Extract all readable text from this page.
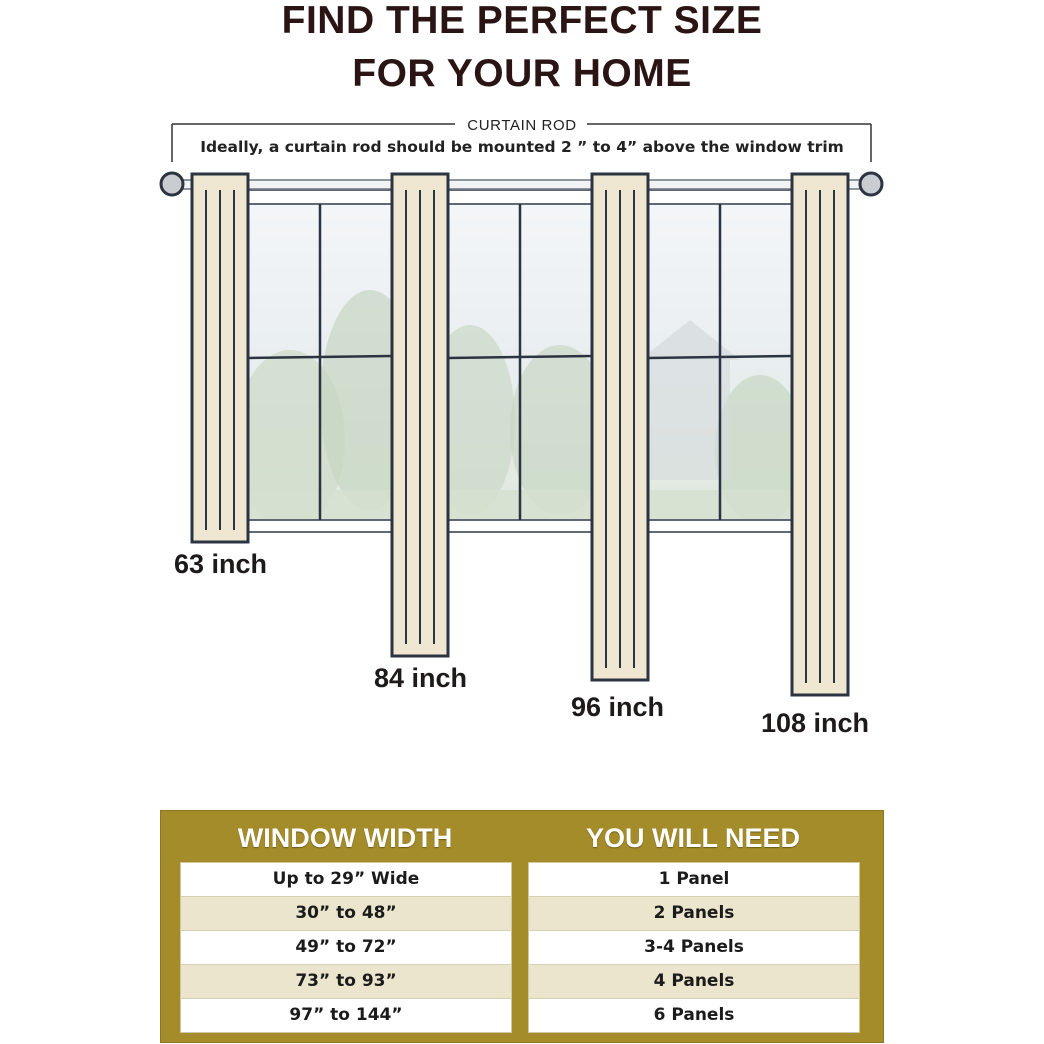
FIND THE PERFECT SIZE
FOR YOUR HOME
CURTAIN ROD
Ideally, a curtain rod should be mounted 2 ” to 4” above the window trim
63 inch
84 inch
96 inch
108 inch
WINDOW WIDTH	YOU WILL NEED
Up to 29” Wide
30” to 48”
49” to 72”
73” to 93”
97” to 144”
1 Panel
2 Panels
3-4 Panels
4 Panels
6 Panels
